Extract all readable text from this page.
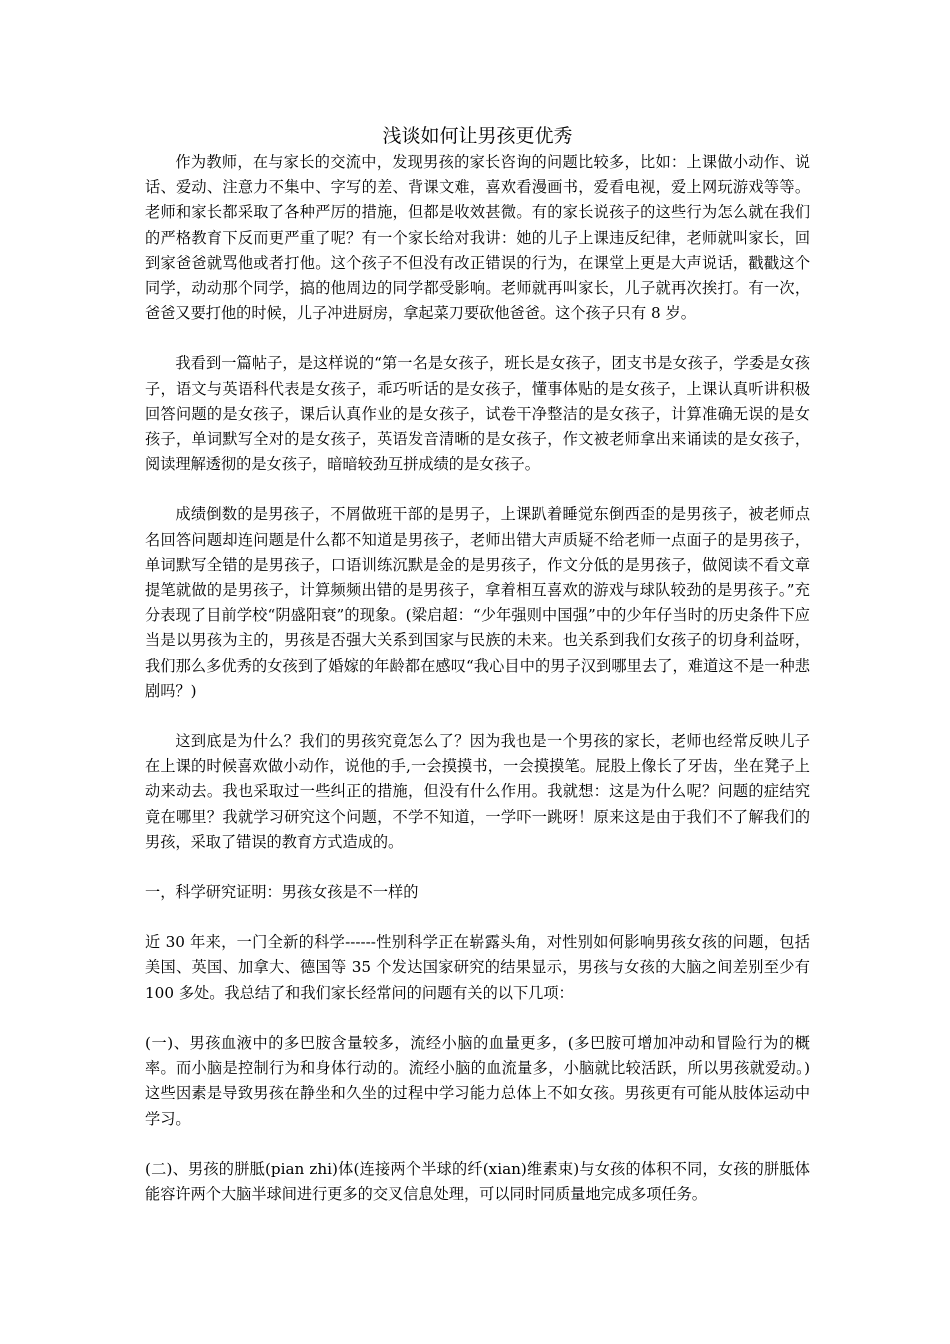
浅谈如何让男孩更优秀

作为教师，在与家长的交流中，发现男孩的家长咨询的问题比较多，比如：上课做小动作、说话、爱动、注意力不集中、字写的差、背课文难，喜欢看漫画书，爱看电视，爱上网玩游戏等等。老师和家长都采取了各种严厉的措施，但都是收效甚微。有的家长说孩子的这些行为怎么就在我们的严格教育下反而更严重了呢？有一个家长给对我讲：她的儿子上课违反纪律，老师就叫家长，回到家爸爸就骂他或者打他。这个孩子不但没有改正错误的行为，在课堂上更是大声说话，戳戳这个同学，动动那个同学，搞的他周边的同学都受影响。老师就再叫家长，儿子就再次挨打。有一次，爸爸又要打他的时候，儿子冲进厨房，拿起菜刀要砍他爸爸。这个孩子只有 8 岁。

我看到一篇帖子，是这样说的“第一名是女孩子，班长是女孩子，团支书是女孩子，学委是女孩子，语文与英语科代表是女孩子，乖巧听话的是女孩子，懂事体贴的是女孩子，上课认真听讲积极回答问题的是女孩子，课后认真作业的是女孩子，试卷干净整洁的是女孩子，计算准确无误的是女孩子，单词默写全对的是女孩子，英语发音清晰的是女孩子，作文被老师拿出来诵读的是女孩子，阅读理解透彻的是女孩子，暗暗较劲互拼成绩的是女孩子。

成绩倒数的是男孩子，不屑做班干部的是男子，上课趴着睡觉东倒西歪的是男孩子，被老师点名回答问题却连问题是什么都不知道是男孩子，老师出错大声质疑不给老师一点面子的是男孩子，单词默写全错的是男孩子，口语训练沉默是金的是男孩子，作文分低的是男孩子，做阅读不看文章提笔就做的是男孩子，计算频频出错的是男孩子，拿着相互喜欢的游戏与球队较劲的是男孩子。”充分表现了目前学校“阴盛阳衰”的现象。(梁启超：“少年强则中国强”中的少年仔当时的历史条件下应当是以男孩为主的，男孩是否强大关系到国家与民族的未来。也关系到我们女孩子的切身利益呀，我们那么多优秀的女孩到了婚嫁的年龄都在感叹“我心目中的男子汉到哪里去了，难道这不是一种悲剧吗？)

这到底是为什么？我们的男孩究竟怎么了？因为我也是一个男孩的家长，老师也经常反映儿子在上课的时候喜欢做小动作，说他的手,一会摸摸书，一会摸摸笔。屁股上像长了牙齿，坐在凳子上动来动去。我也采取过一些纠正的措施，但没有什么作用。我就想：这是为什么呢？问题的症结究竟在哪里？我就学习研究这个问题，不学不知道，一学吓一跳呀！原来这是由于我们不了解我们的男孩，采取了错误的教育方式造成的。

一，科学研究证明：男孩女孩是不一样的

近 30 年来，一门全新的科学------性别科学正在崭露头角，对性别如何影响男孩女孩的问题，包括美国、英国、加拿大、德国等 35 个发达国家研究的结果显示，男孩与女孩的大脑之间差别至少有 100 多处。我总结了和我们家长经常问的问题有关的以下几项：

(一)、男孩血液中的多巴胺含量较多，流经小脑的血量更多，(多巴胺可增加冲动和冒险行为的概率。而小脑是控制行为和身体行动的。流经小脑的血流量多，小脑就比较活跃，所以男孩就爱动。) 这些因素是导致男孩在静坐和久坐的过程中学习能力总体上不如女孩。男孩更有可能从肢体运动中学习。

(二)、男孩的胼胝(pian zhi)体(连接两个半球的纤(xian)维素束)与女孩的体积不同，女孩的胼胝体能容许两个大脑半球间进行更多的交叉信息处理，可以同时同质量地完成多项任务。
